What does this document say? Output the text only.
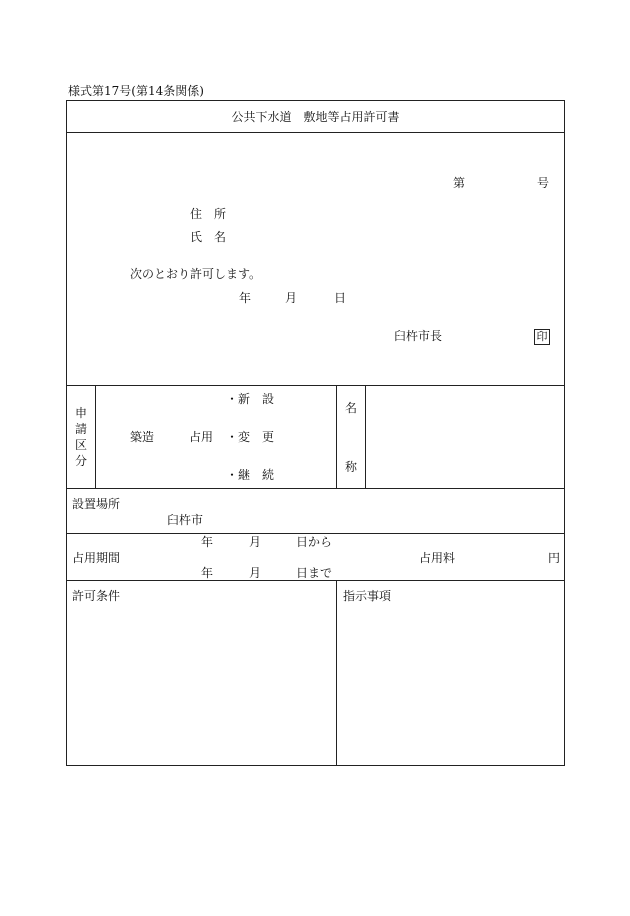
様式第17号(第14条関係)
公共下水道　敷地等占用許可書
第	号
住　所
氏　名
次のとおり許可します。
年	月	日
臼杵市長	印
申
請
区
分
築造	占用
・新　設
・変　更
・継　続
名
称
設置場所
臼杵市
占用期間
年	月	日から
年	月	日まで
占用料	円
許可条件	指示事項
